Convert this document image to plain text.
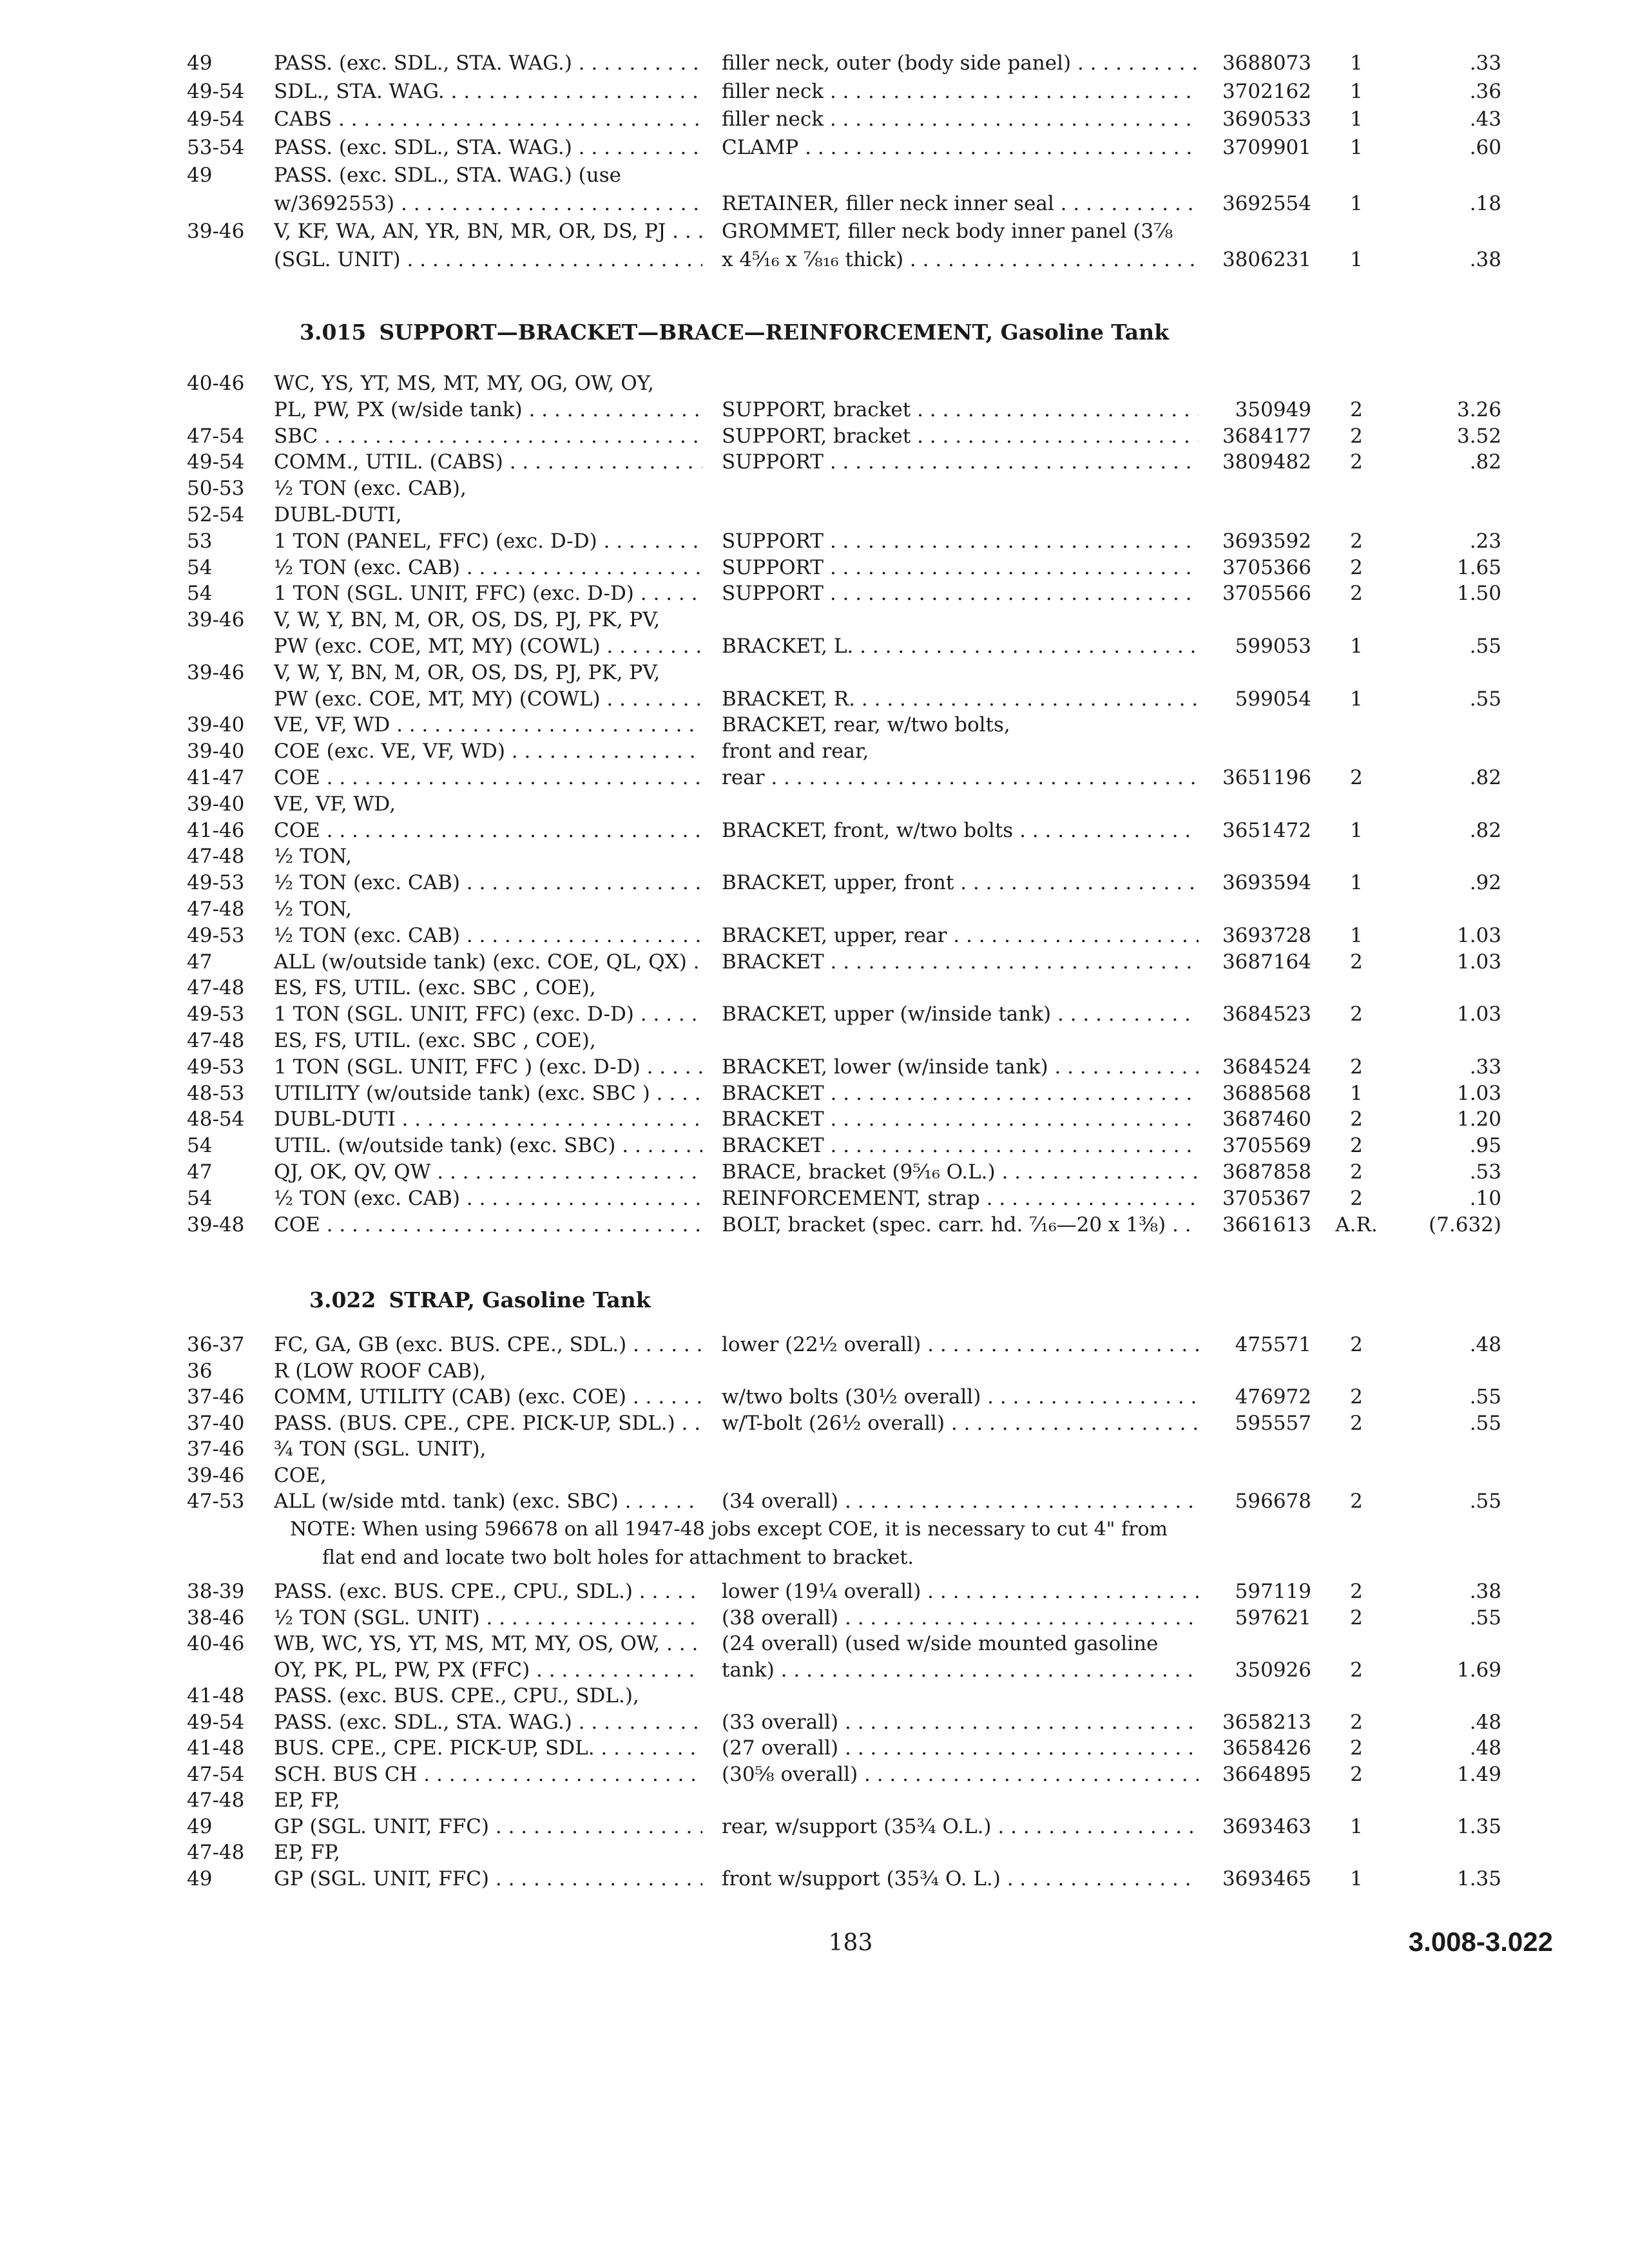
49	PASS. (exc. SDL., STA. WAG.) . . .	filler neck, outer (body side panel) . . .	3688073	1	.33
49-54	SDL., STA. WAG. . . .	filler neck . . .	3702162	1	.36
49-54	CABS . . .	filler neck . . .	3690533	1	.43
53-54	PASS. (exc. SDL., STA. WAG.) . . .	CLAMP . . .	3709901	1	.60
49	PASS. (exc. SDL., STA. WAG.) (use
w/3692553) . . .	RETAINER, filler neck inner seal . . .	3692554	1	.18
39-46	V, KF, WA, AN, YR, BN, MR, OR, DS, PJ . . .	GROMMET, filler neck body inner panel (3⅞
(SGL. UNIT) . . .	x 4⁵⁄₁₆ x ⅞₁₆ thick) . . .	3806231	1	.38
3.015 SUPPORT—BRACKET—BRACE—REINFORCEMENT, Gasoline Tank
40-46	WC, YS, YT, MS, MT, MY, OG, OW, OY,
PL, PW, PX (w/side tank) . . .	SUPPORT, bracket . . .	350949	2	3.26
47-54	SBC . . .	SUPPORT, bracket . . .	3684177	2	3.52
49-54	COMM., UTIL. (CABS) . . .	SUPPORT . . .	3809482	2	.82
50-53	½ TON (exc. CAB),
52-54	DUBL-DUTI,
53	1 TON (PANEL, FFC) (exc. D-D) . . .	SUPPORT . . .	3693592	2	.23
54	½ TON (exc. CAB) . . .	SUPPORT . . .	3705366	2	1.65
54	1 TON (SGL. UNIT, FFC) (exc. D-D) . . .	SUPPORT . . .	3705566	2	1.50
39-46	V, W, Y, BN, M, OR, OS, DS, PJ, PK, PV,
PW (exc. COE, MT, MY) (COWL) . . .	BRACKET, L. . . .	599053	1	.55
39-46	V, W, Y, BN, M, OR, OS, DS, PJ, PK, PV,
PW (exc. COE, MT, MY) (COWL) . . .	BRACKET, R. . . .	599054	1	.55
39-40	VE, VF, WD . . .	BRACKET, rear, w/two bolts,
39-40	COE (exc. VE, VF, WD) . . .	front and rear,
41-47	COE . . .	rear . . .	3651196	2	.82
39-40	VE, VF, WD,
41-46	COE . . .	BRACKET, front, w/two bolts . . .	3651472	1	.82
47-48	½ TON,
49-53	½ TON (exc. CAB) . . .	BRACKET, upper, front . . .	3693594	1	.92
47-48	½ TON,
49-53	½ TON (exc. CAB) . . .	BRACKET, upper, rear . . .	3693728	1	1.03
47	ALL (w/outside tank) (exc. COE, QL, QX) . . .	BRACKET . . .	3687164	2	1.03
47-48	ES, FS, UTIL. (exc. SBC , COE),
49-53	1 TON (SGL. UNIT, FFC) (exc. D-D) . . .	BRACKET, upper (w/inside tank) . . .	3684523	2	1.03
47-48	ES, FS, UTIL. (exc. SBC , COE),
49-53	1 TON (SGL. UNIT, FFC ) (exc. D-D) . . .	BRACKET, lower (w/inside tank) . . .	3684524	2	.33
48-53	UTILITY (w/outside tank) (exc. SBC ) . . .	BRACKET . . .	3688568	1	1.03
48-54	DUBL-DUTI . . .	BRACKET . . .	3687460	2	1.20
54	UTIL. (w/outside tank) (exc. SBC) . . .	BRACKET . . .	3705569	2	.95
47	QJ, OK, QV, QW . . .	BRACE, bracket (9⁵⁄₁₆ O.L.) . . .	3687858	2	.53
54	½ TON (exc. CAB) . . .	REINFORCEMENT, strap . . .	3705367	2	.10
39-48	COE . . .	BOLT, bracket (spec. carr. hd. ⁷⁄₁₆—20 x 1⅜) . . .	3661613	A.R.	(7.632)
3.022 STRAP, Gasoline Tank
36-37	FC, GA, GB (exc. BUS. CPE., SDL.) . . .	lower (22½ overall) . . .	475571	2	.48
36	R (LOW ROOF CAB),
37-46	COMM, UTILITY (CAB) (exc. COE) . . .	w/two bolts (30½ overall) . . .	476972	2	.55
37-40	PASS. (BUS. CPE., CPE. PICK-UP, SDL.) . . .	w/T-bolt (26½ overall) . . .	595557	2	.55
37-46	¾ TON (SGL. UNIT),
39-46	COE,
47-53	ALL (w/side mtd. tank) (exc. SBC) . . .	(34 overall) . . .	596678	2	.55
NOTE: When using 596678 on all 1947-48 jobs except COE, it is necessary to cut 4" from
flat end and locate two bolt holes for attachment to bracket.
38-39	PASS. (exc. BUS. CPE., CPU., SDL.) . . .	lower (19¼ overall) . . .	597119	2	.38
38-46	½ TON (SGL. UNIT) . . .	(38 overall) . . .	597621	2	.55
40-46	WB, WC, YS, YT, MS, MT, MY, OS, OW, . . .	(24 overall) (used w/side mounted gasoline
OY, PK, PL, PW, PX (FFC) . . .	tank) . . .	350926	2	1.69
41-48	PASS. (exc. BUS. CPE., CPU., SDL.),
49-54	PASS. (exc. SDL., STA. WAG.) . . .	(33 overall) . . .	3658213	2	.48
41-48	BUS. CPE., CPE. PICK-UP, SDL. . . .	(27 overall) . . .	3658426	2	.48
47-54	SCH. BUS CH . . .	(30⅝ overall) . . .	3664895	2	1.49
47-48	EP, FP,
49	GP (SGL. UNIT, FFC) . . .	rear, w/support (35¾ O.L.) . . .	3693463	1	1.35
47-48	EP, FP,
49	GP (SGL. UNIT, FFC) . . .	front w/support (35¾ O. L.) . . .	3693465	1	1.35
183	3.008-3.022
